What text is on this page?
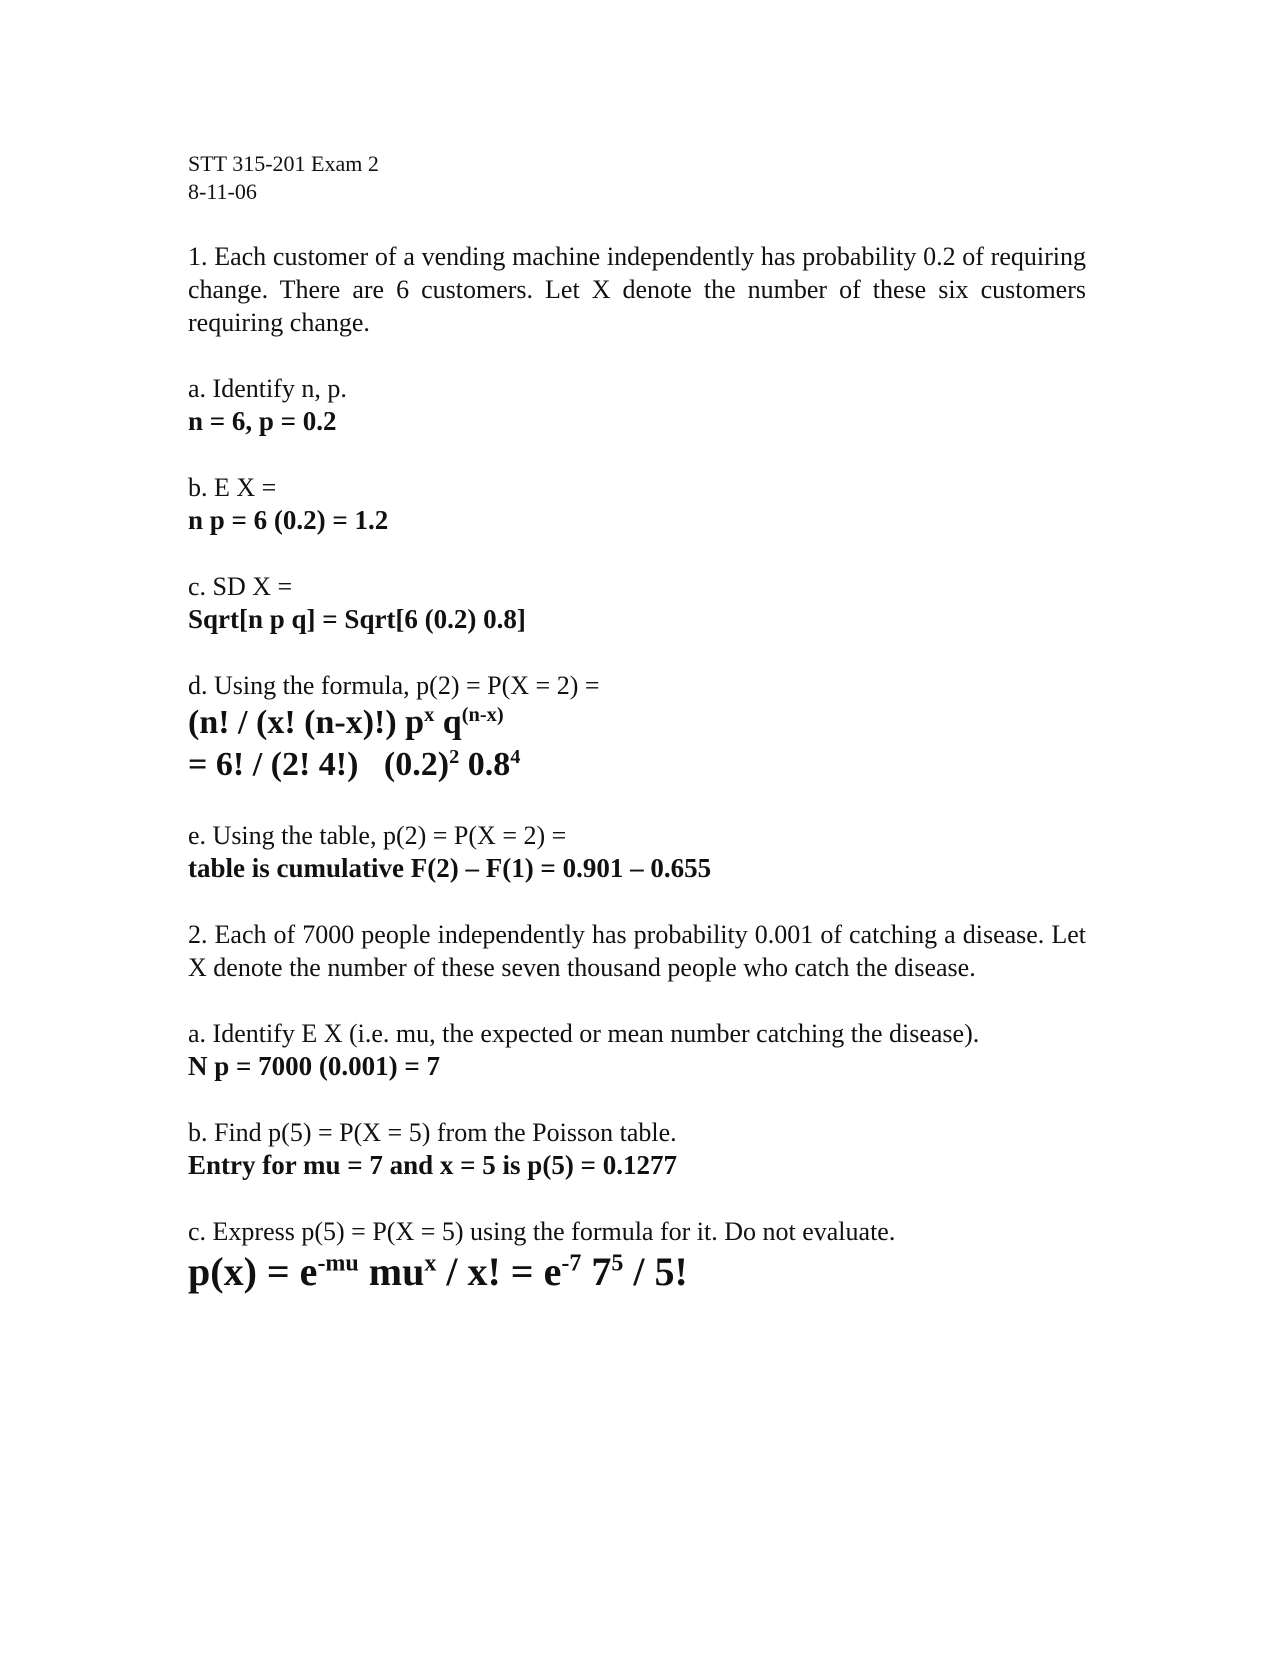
STT 315-201 Exam 2
8-11-06
1. Each customer of a vending machine independently has probability 0.2 of requiring change. There are 6 customers. Let X denote the number of these six customers requiring change.
a. Identify n, p.
n = 6, p = 0.2
b. E X =
n p = 6 (0.2) = 1.2
c. SD X =
Sqrt[n p q] = Sqrt[6 (0.2) 0.8]
d. Using the formula, p(2) = P(X = 2) =
(n! / (x! (n-x)!) $p^x$ $q^{(n-x)}$
= 6! / (2! 4!)   $(0.2)^2$ $0.8^4$
e. Using the table, p(2) = P(X = 2) =
table is cumulative F(2) – F(1) = 0.901 – 0.655
2. Each of 7000 people independently has probability 0.001 of catching a disease. Let X denote the number of these seven thousand people who catch the disease.
a. Identify E X (i.e. mu, the expected or mean number catching the disease).
N p = 7000 (0.001) = 7
b. Find p(5) = P(X = 5) from the Poisson table.
Entry for mu = 7 and x = 5 is p(5) = 0.1277
c. Express p(5) = P(X = 5) using the formula for it. Do not evaluate.
$p(x) = e^{-mu}$ $mu^x$ / x! = $e^{-7}$ $7^5 / 5$!
